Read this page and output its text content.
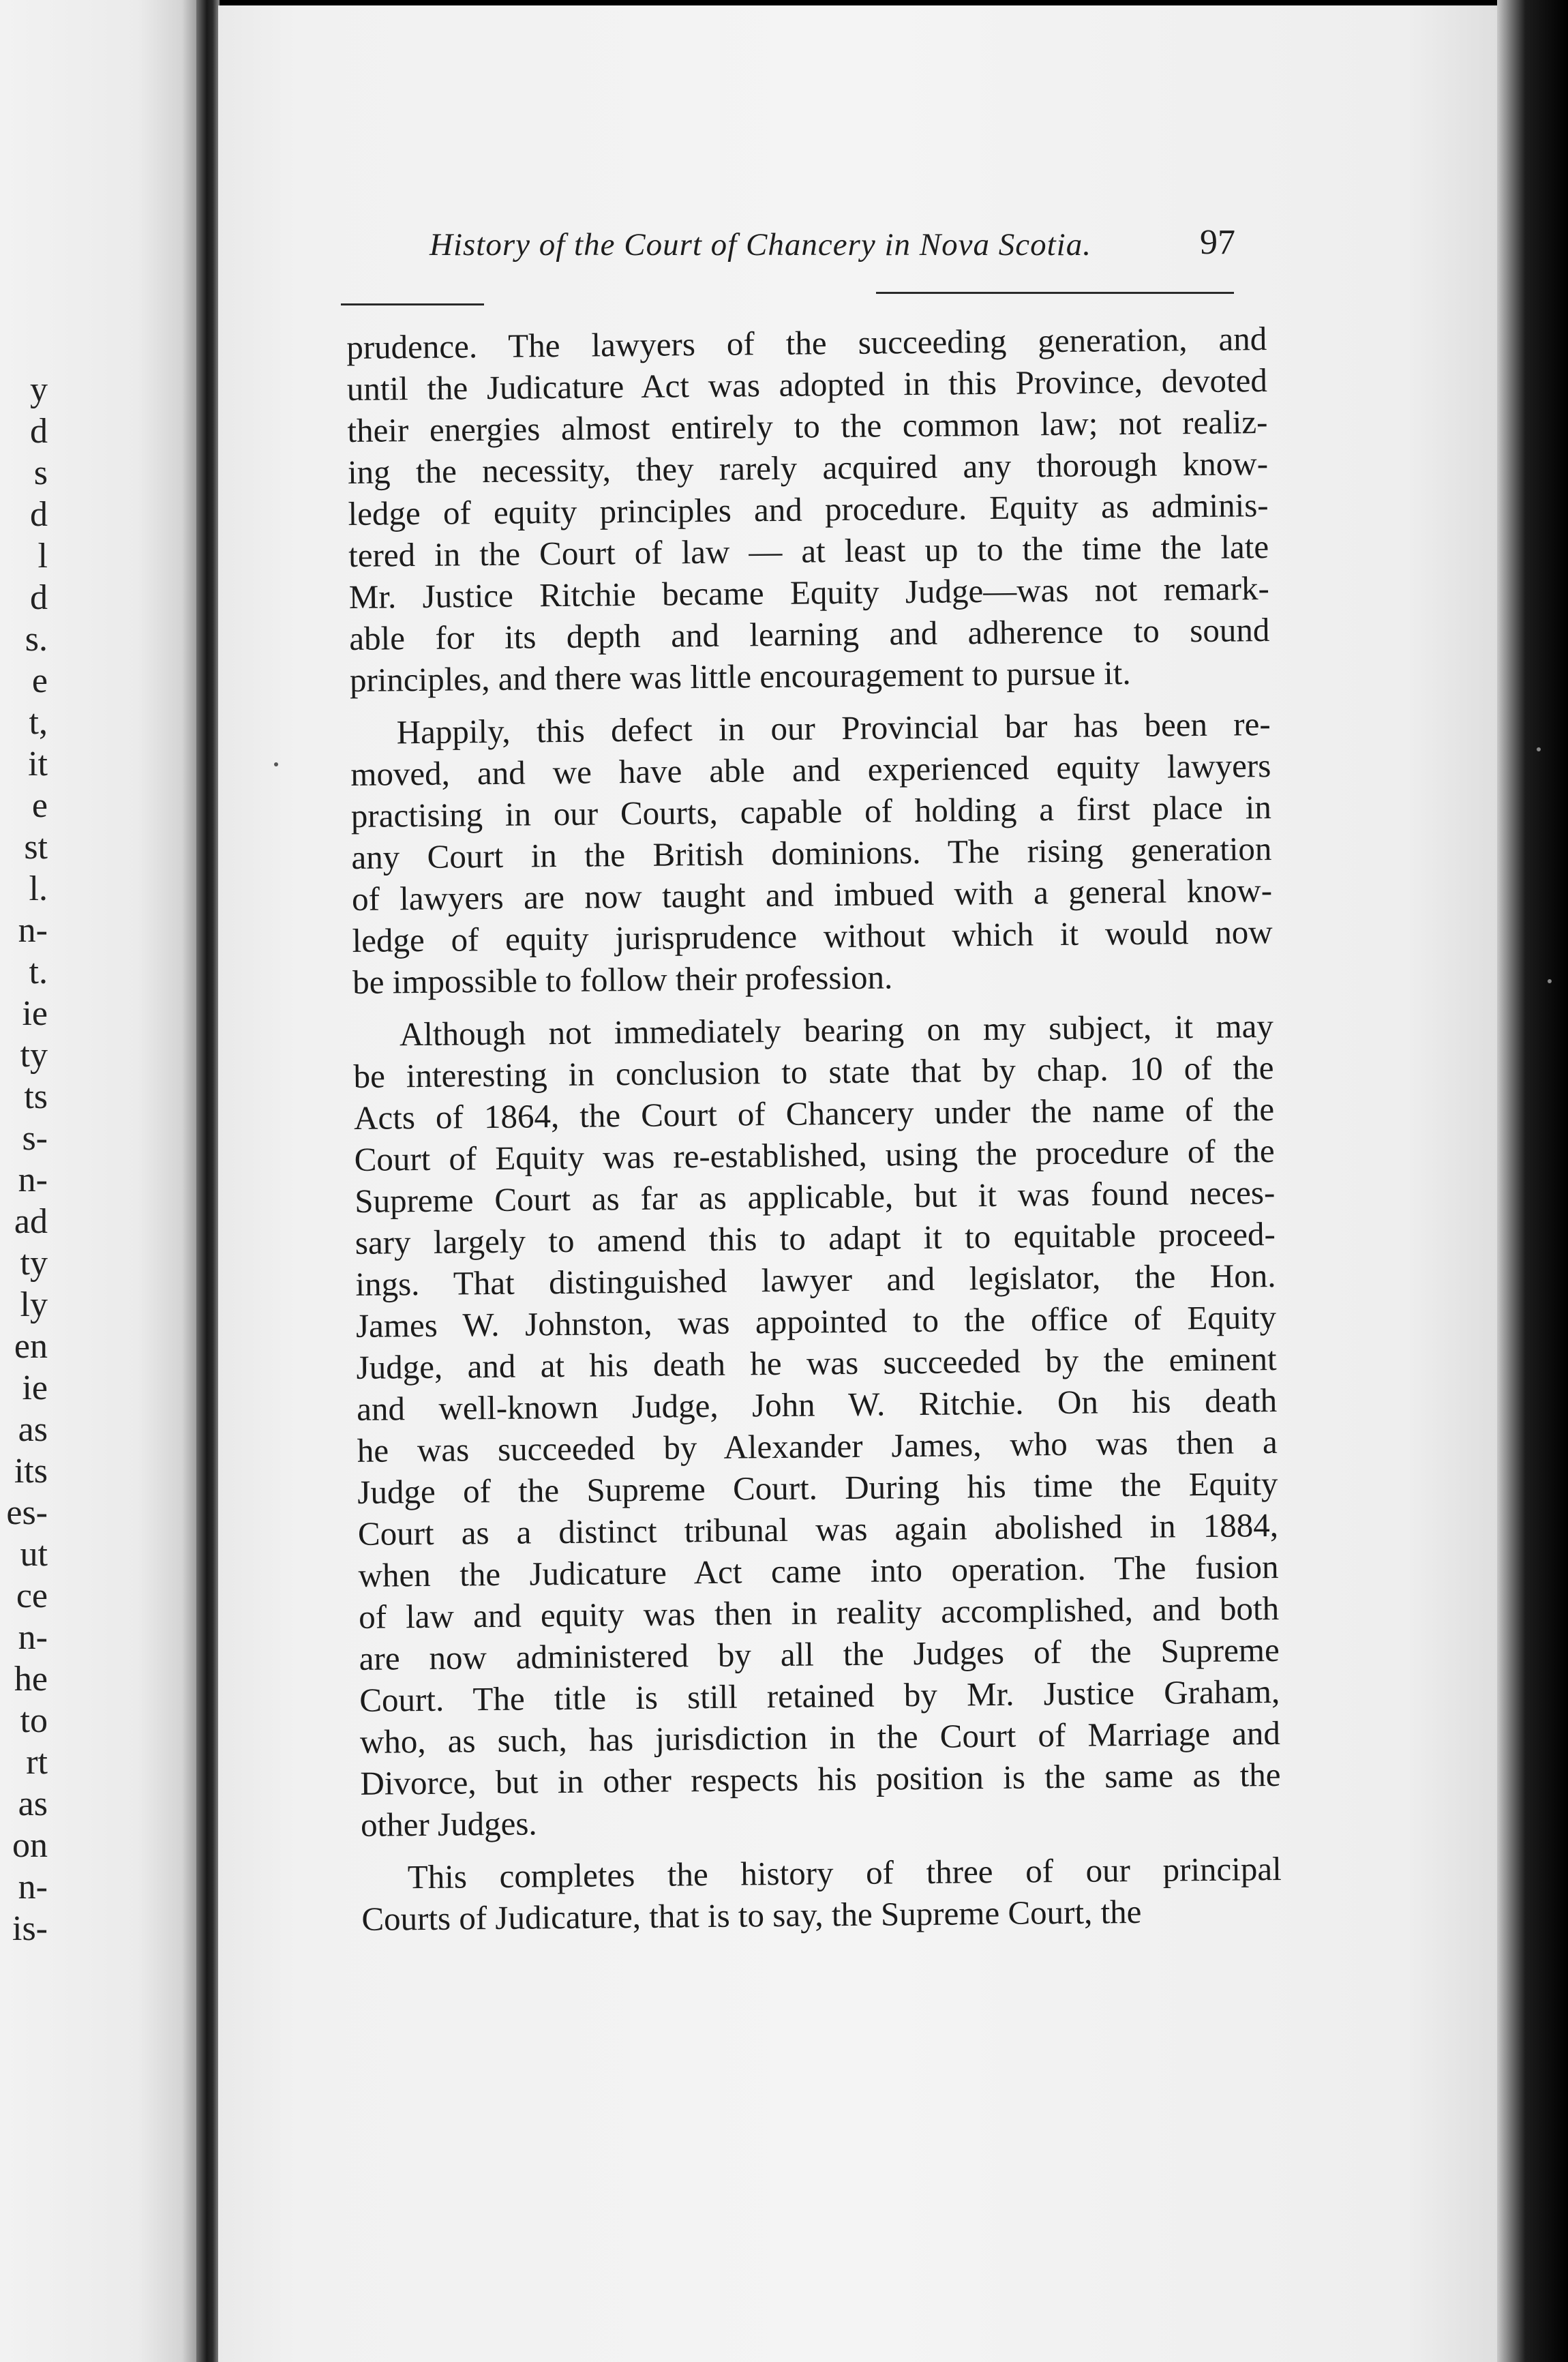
y
d
s
d
l
d
s.
e
t,
it
e
st
l.
n-
t.
ie
ty
ts
s-
n-
ad
ty
ly
en
ie
as
its
es-
ut
ce
n-
he
to
rt
as
on
n-
is-
History of the Court of Chancery in Nova Scotia.	97
prudence. The lawyers of the succeeding generation, and
until the Judicature Act was adopted in this Province, devoted
their energies almost entirely to the common law; not realiz-
ing the necessity, they rarely acquired any thorough know-
ledge of equity principles and procedure. Equity as adminis-
tered in the Court of law — at least up to the time the late
Mr. Justice Ritchie became Equity Judge—was not remark-
able for its depth and learning and adherence to sound
principles, and there was little encouragement to pursue it.
Happily, this defect in our Provincial bar has been re-
moved, and we have able and experienced equity lawyers
practising in our Courts, capable of holding a first place in
any Court in the British dominions. The rising generation
of lawyers are now taught and imbued with a general know-
ledge of equity jurisprudence without which it would now
be impossible to follow their profession.
Although not immediately bearing on my subject, it may
be interesting in conclusion to state that by chap. 10 of the
Acts of 1864, the Court of Chancery under the name of the
Court of Equity was re-established, using the procedure of the
Supreme Court as far as applicable, but it was found neces-
sary largely to amend this to adapt it to equitable proceed-
ings. That distinguished lawyer and legislator, the Hon.
James W. Johnston, was appointed to the office of Equity
Judge, and at his death he was succeeded by the eminent
and well-known Judge, John W. Ritchie. On his death
he was succeeded by Alexander James, who was then a
Judge of the Supreme Court. During his time the Equity
Court as a distinct tribunal was again abolished in 1884,
when the Judicature Act came into operation. The fusion
of law and equity was then in reality accomplished, and both
are now administered by all the Judges of the Supreme
Court. The title is still retained by Mr. Justice Graham,
who, as such, has jurisdiction in the Court of Marriage and
Divorce, but in other respects his position is the same as the
other Judges.
This completes the history of three of our principal
Courts of Judicature, that is to say, the Supreme Court, the
